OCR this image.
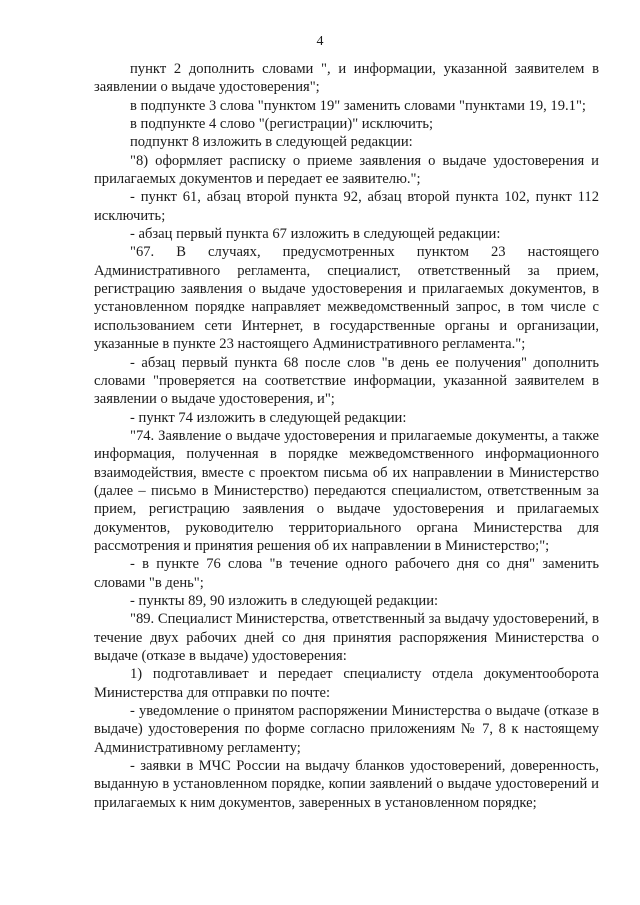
4

пункт 2 дополнить словами ", и информации, указанной заявителем в заявлении о выдаче удостоверения";

в подпункте 3 слова "пунктом 19" заменить словами "пунктами 19, 19.1";

в подпункте 4 слово "(регистрации)" исключить;

подпункт 8 изложить в следующей редакции:

"8) оформляет расписку о приеме заявления о выдаче удостоверения и прилагаемых документов и передает ее заявителю.";

- пункт 61, абзац второй пункта 92, абзац второй пункта 102, пункт 112 исключить;

- абзац первый пункта 67 изложить в следующей редакции:

"67. В случаях, предусмотренных пунктом 23 настоящего Административного регламента, специалист, ответственный за прием, регистрацию заявления о выдаче удостоверения и прилагаемых документов, в установленном порядке направляет межведомственный запрос, в том числе с использованием сети Интернет, в государственные органы и организации, указанные в пункте 23 настоящего Административного регламента.";

- абзац первый пункта 68 после слов "в день ее получения" дополнить словами "проверяется на соответствие информации, указанной заявителем в заявлении о выдаче удостоверения, и";

- пункт 74 изложить в следующей редакции:

"74. Заявление о выдаче удостоверения и прилагаемые документы, а также информация, полученная в порядке межведомственного информационного взаимодействия, вместе с проектом письма об их направлении в Министерство (далее – письмо в Министерство) передаются специалистом, ответственным за прием, регистрацию заявления о выдаче удостоверения и прилагаемых документов, руководителю территориального органа Министерства для рассмотрения и принятия решения об их направлении в Министерство;";

- в пункте 76 слова "в течение одного рабочего дня со дня" заменить словами "в день";

- пункты 89, 90 изложить в следующей редакции:

"89. Специалист Министерства, ответственный за выдачу удостоверений, в течение двух рабочих дней со дня принятия распоряжения Министерства о выдаче (отказе в выдаче) удостоверения:

1) подготавливает и передает специалисту отдела документооборота Министерства для отправки по почте:

- уведомление о принятом распоряжении Министерства о выдаче (отказе в выдаче) удостоверения по форме согласно приложениям № 7, 8 к настоящему Административному регламенту;

- заявки в МЧС России на выдачу бланков удостоверений, доверенность, выданную в установленном порядке, копии заявлений о выдаче удостоверений и прилагаемых к ним документов, заверенных в установленном порядке;
